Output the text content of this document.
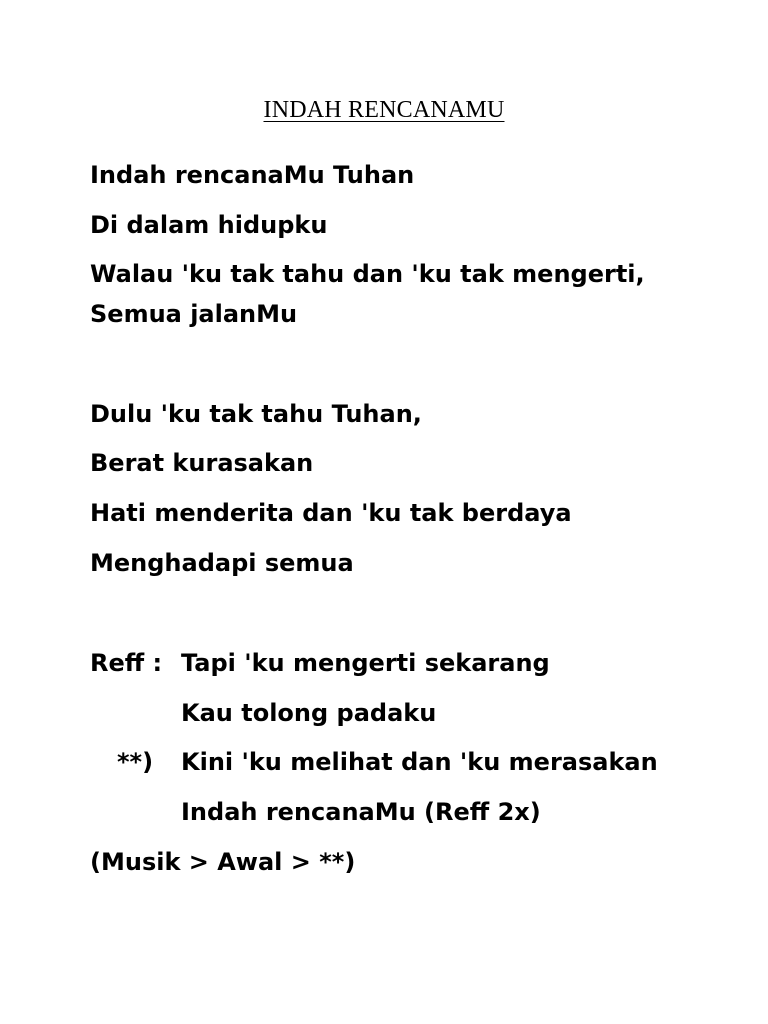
INDAH RENCANAMU
Indah rencanaMu Tuhan
Di dalam hidupku
Walau 'ku tak tahu dan 'ku tak mengerti,
Semua jalanMu
Dulu 'ku tak tahu Tuhan,
Berat kurasakan
Hati menderita dan 'ku tak berdaya
Menghadapi semua
Reff : Tapi 'ku mengerti sekarang
Kau tolong padaku
**) Kini 'ku melihat dan 'ku merasakan
Indah rencanaMu (Reff 2x)
(Musik > Awal > **)
